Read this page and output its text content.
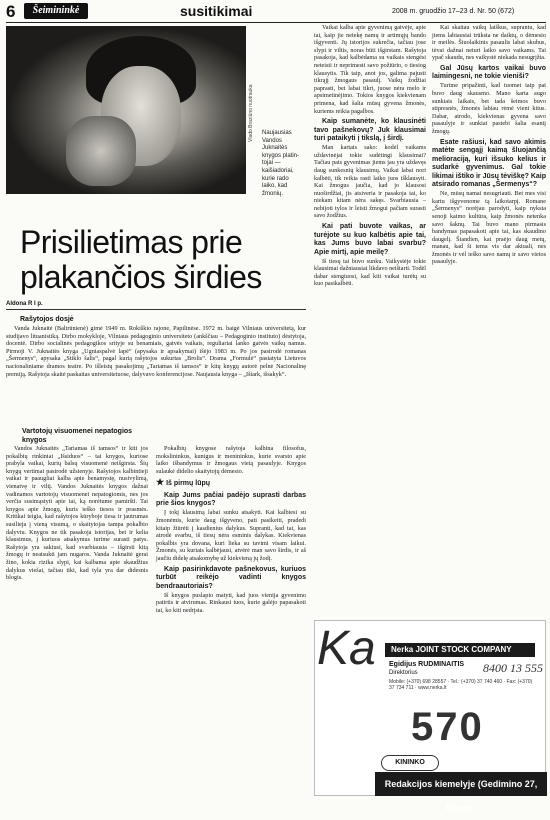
6	Šeimininkė	susitikimai	2008 m. gruodžio 17–23 d. Nr. 50 (672)
Vlado Braziūno nuotrauka	Naujausias Vandos Juknaitės knygos platintojai — kaišiadoriai, kurie rado laiko, kad žmonių.
Prisilietimas prie plakančios širdies
Aldona R I p.
Rašytojos dosjė

Vanda Juknaitė (Baltrūnienė) gimė 1949 m. Rokiškio rajone, Papilinėse. 1972 m. baigė Vilniaus universitetą, kur studijavo lituanistiką. Dirbo mokykloje, Vilniaus pedagoginio universiteto (ankščiau – Pedagoginio instituto) dėstytoja, docentė. Dirbo socialinės pedagogikos srityje su benamiais, gatvės vaikais, reguliariai lanko gatvės vaikų namus. Pirmoji V. Juknaitės knyga „Ugniaspalvė lapė“ (apysaka ir apsakymai) išėjo 1983 m. Po jos pasirodė romanas „Šermenys“, apysaka „Stiklo šalis“, pagal kurią rašytojos sukurtas „Brolis“. Drama „Formulė“ pastatyta Lietuvos nacionaliniame dramos teatre. Po išleistų pasakojimų „Tariamas iš tamsos“ ir kitų knygų autorė pelnė Nacionalinę premiją. Rašytoja skaitė paskaitas universitetuose, dalyvavo konferencijose. Naujausia knyga – „Ištark, išsakyk“.

Vartotojų visuomenei nepatogios knygos

Vandos Juknaitės „Tariamas iš tamsos“ ir kiti jos pokalbių rinkiniai „Išsiduos“ – tai knygos, kuriose prabyla vaikai, kurių balsų visuomenė neišgirsta. Šių knygų vertimai pasirodė užsienyje. Rašytojos kalbintieji vaikai ir paaugliai kalba apie benamystę, nusivylimą, vienatvę ir viltį. Vandos Juknaitės knygos dažnai vadinamos vartotojų visuomenei nepatogiomis, nes jos verčia susimąstyti apie tai, ką norėtume pamiršti. Tai knygos apie žmogų, kuris ieško tiesos ir prasmės. Kritikai teigia, kad rašytojos kūryboje tiesa ir jautrumas susilieja į vieną visumą, o skaitytojas tampa pokalbio dalyviu. Knygos ne tik pasakoja istorijas, bet ir kelia klausimus, į kuriuos atsakymus turime surasti patys. Rašytoja yra sakiusi, kad svarbiausia – išgirsti kitą žmogų ir neatsukti jam nugaros. Vanda Juknaitė gerai žino, kokia rizika slypi, kai kalbama apie skaudžius dalykus viešai, tačiau tiki, kad tyla yra dar didesnis blogis.

Pokalbių knygose rašytoja kalbina filosofus, mokslininkus, kunigus ir menininkus, kurie svarsto apie laiko išbandymus ir žmogaus vietą pasaulyje. Knygos sulaukė didelio skaitytojų dėmesio.

★ Iš pirmų lūpų

Kaip Jums pačiai padėjo suprasti darbas prie šios knygos?

Į tokį klausimą labai sunku atsakyti. Kai kalbiesi su žmonėmis, kurie daug išgyveno, pati pasikeiti, pradedi kitaip žiūrėti į kasdienius dalykus. Supranti, kad tai, kas atrodė svarbu, iš tiesų nėra esminis dalykas. Kiekvienas pokalbis yra dovana, kuri lieka su tavimi visam laikui. Žmonės, su kuriais kalbėjausi, atvėrė man savo širdis, ir aš jaučiu didelę atsakomybę už kiekvieną jų žodį.

Kaip pasirinkdavote pašnekovus, kuriuos turbūt reikėjo vadinti knygos bendraautoriais?

Iš knygos puslapio matyti, kad juos vienija gyvenimo patirtis ir atvirumas. Rinkausi tuos, kurie galėjo papasakoti tai, ko kiti nedrįsta.

Vaikai kalba apie gyvenimą gatvėje, apie tai, kaip jie netekę namų ir artimųjų bando išgyventi. Jų istorijos sukrečia, tačiau jose slypi ir viltis, noras būti išgirstam. Rašytoja pasakoja, kad kalbėdama su vaikais stengėsi neteisti ir neprimesti savo požiūrio, o tiesiog klausytis. Tik taip, anot jos, galima pajusti tikrąjį žmogaus pasaulį. Vaikų žodžiai paprasti, bet labai tikri, juose nėra melo ir apsimetinėjimo. Tokios knygos kiekvienam primena, kad šalia mūsų gyvena žmonės, kuriems reikia pagalbos.

Kaip sumanėte, ko klausinėti tavo pašnekovų? Juk klausimai turi pataikyti į tikslą, į širdį.

Man kartais sako: kodėl vaikams uždavinėjai tokie sudėtingi klausimai? Tačiau pats gyvenimas jiems jau yra uždavęs daug sunkesnių klausimų. Vaikai labai nori kalbėti, tik reikia rasti laiko juos išklausyti. Kai žmogus jaučia, kad jo klausosi nuoširdžiai, jis atsiveria ir pasakoja tai, ko niekam kitam nėra sakęs. Svarbiausia – nebijoti tylos ir leisti žmogui pačiam surasti savo žodžius.

Kai pati buvote vaikas, ar turėjote su kuo kalbėtis apie tai, kas Jums buvo labai svarbu? Apie mirtį, apie meilę?

Iš tiesų tai buvo sunku. Vaikystėje tokie klausimai dažniausiai likdavo neištarti. Todėl dabar stengiuosi, kad kiti vaikai turėtų su kuo pasikalbėti.

Kai skaitau vaikų laiškus, suprantu, kad jiems labiausiai trūksta ne daiktų, o dėmesio ir meilės. Šiuolaikinis pasaulis labai skubus, tėvai dažnai neturi laiko savo vaikams. Tai ypač skaudu, nes vaikystė niekada nesugrįžta.

Gal Jūsų kartos vaikai buvo laimingesni, ne tokie vieniši?

Turime pripažinti, kad tuomet taip pat buvo daug skausmo. Mano karta augo sunkiais laikais, bet tada šeimos buvo stipresnės, žmonės labiau rėmė vieni kitus. Dabar, atrodo, kiekvienas gyvena savo pasaulyje ir sunkiai pastebi šalia esantį žmogų.

Esate rašiusi, kad savo akimis matėte sengąjį kaimą šluojančią melioraciją, kuri išsuko kelius ir sudarkė gyvenimus. Gal tokie likimai ištiko ir Jūsų tėviškę? Kaip atsirado romanas „Šermenys“?

Ne, mūsų namai nesugriauti. Bet mes visi kartu išgyvenome tą laikotarpį. Romane „Šermenys“ norėjau parodyti, kaip nyksta senoji kaimo kultūra, kaip žmonės netenka savo šaknų. Tai buvo mano pirmasis bandymas papasakoti apie tai, kas skaudino daugelį. Šiandien, kai praėjo daug metų, manau, kad ši tema vis dar aktuali, nes žmonės ir vėl ieško savo namų ir savo vietos pasaulyje.

Ka	Nerka JOINT STOCK COMPANY
Egidijus RUDMINAITIS
Direktorius
Mobile: (+370) 698 28557 · Tel.: (+370) 37 740 460 · Fax: (+370) 37 734 711 · www.nerka.lt
8400 13 555
570
KININKO
Redakcijos kiemelyje (Gedimino 27, Kaune)
